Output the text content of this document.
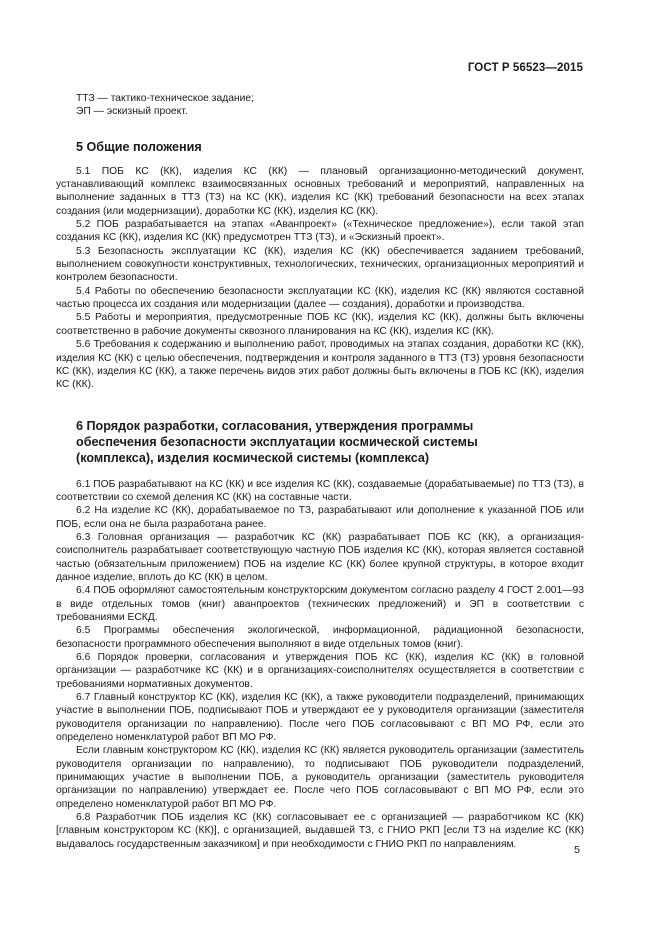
ГОСТ Р 56523—2015

ТТЗ — тактико-техническое задание;

ЭП — эскизный проект.

5 Общие положения

5.1 ПОБ КС (КК), изделия КС (КК) — плановый организационно-методический документ, устанавливающий комплекс взаимосвязанных основных требований и мероприятий, направленных на выполнение заданных в ТТЗ (ТЗ) на КС (КК), изделия КС (КК) требований безопасности на всех этапах создания (или модернизации), доработки КС (КК), изделия КС (КК).

5.2 ПОБ разрабатывается на этапах «Аванпроект» («Техническое предложение»), если такой этап создания КС (КК), изделия КС (КК) предусмотрен ТТЗ (ТЗ), и «Эскизный проект».

5.3 Безопасность эксплуатации КС (КК), изделия КС (КК) обеспечивается заданием требований, выполнением совокупности конструктивных, технологических, технических, организационных мероприятий и контролем безопасности.

5.4 Работы по обеспечению безопасности эксплуатации КС (КК), изделия КС (КК) являются составной частью процесса их создания или модернизации (далее — создания), доработки и производства.

5.5 Работы и мероприятия, предусмотренные ПОБ КС (КК), изделия КС (КК), должны быть включены соответственно в рабочие документы сквозного планирования на КС (КК), изделия КС (КК).

5.6 Требования к содержанию и выполнению работ, проводимых на этапах создания, доработки КС (КК), изделия КС (КК) с целью обеспечения, подтверждения и контроля заданного в ТТЗ (ТЗ) уровня безопасности КС (КК), изделия КС (КК), а также перечень видов этих работ должны быть включены в ПОБ КС (КК), изделия КС (КК).

6 Порядок разработки, согласования, утверждения программы
обеспечения безопасности эксплуатации космической системы
(комплекса), изделия космической системы (комплекса)

6.1 ПОБ разрабатывают на КС (КК) и все изделия КС (КК), создаваемые (дорабатываемые) по ТТЗ (ТЗ), в соответствии со схемой деления КС (КК) на составные части.

6.2 На изделие КС (КК), дорабатываемое по ТЗ, разрабатывают или дополнение к указанной ПОБ или ПОБ, если она не была разработана ранее.

6.3 Головная организация — разработчик КС (КК) разрабатывает ПОБ КС (КК), а организация-соисполнитель разрабатывает соответствующую частную ПОБ изделия КС (КК), которая является составной частью (обязательным приложением) ПОБ на изделие КС (КК) более крупной структуры, в которое входит данное изделие, вплоть до КС (КК) в целом.

6.4 ПОБ оформляют самостоятельным конструкторским документом согласно разделу 4 ГОСТ 2.001—93 в виде отдельных томов (книг) аванпроектов (технических предложений) и ЭП в соответствии с требованиями ЕСКД.

6.5 Программы обеспечения экологической, информационной, радиационной безопасности, безопасности программного обеспечения выполняют в виде отдельных томов (книг).

6.6 Порядок проверки, согласования и утверждения ПОБ КС (КК), изделия КС (КК) в головной организации — разработчике КС (КК) и в организациях-соисполнителях осуществляется в соответствии с требованиями нормативных документов.

6.7 Главный конструктор КС (КК), изделия КС (КК), а также руководители подразделений, принимающих участие в выполнении ПОБ, подписывают ПОБ и утверждают ее у руководителя организации (заместителя руководителя организации по направлению). После чего ПОБ согласовывают с ВП МО РФ, если это определено номенклатурой работ ВП МО РФ.

Если главным конструктором КС (КК), изделия КС (КК) является руководитель организации (заместитель руководителя организации по направлению), то подписывают ПОБ руководители подразделений, принимающих участие в выполнении ПОБ, а руководитель организации (заместитель руководителя организации по направлению) утверждает ее. После чего ПОБ согласовывают с ВП МО РФ, если это определено номенклатурой работ ВП МО РФ.

6.8 Разработчик ПОБ изделия КС (КК) согласовывает ее с организацией — разработчиком КС (КК) [главным конструктором КС (КК)], с организацией, выдавшей ТЗ, с ГНИО РКП [если ТЗ на изделие КС (КК) выдавалось государственным заказчиком] и при необходимости с ГНИО РКП по направлениям.	5
